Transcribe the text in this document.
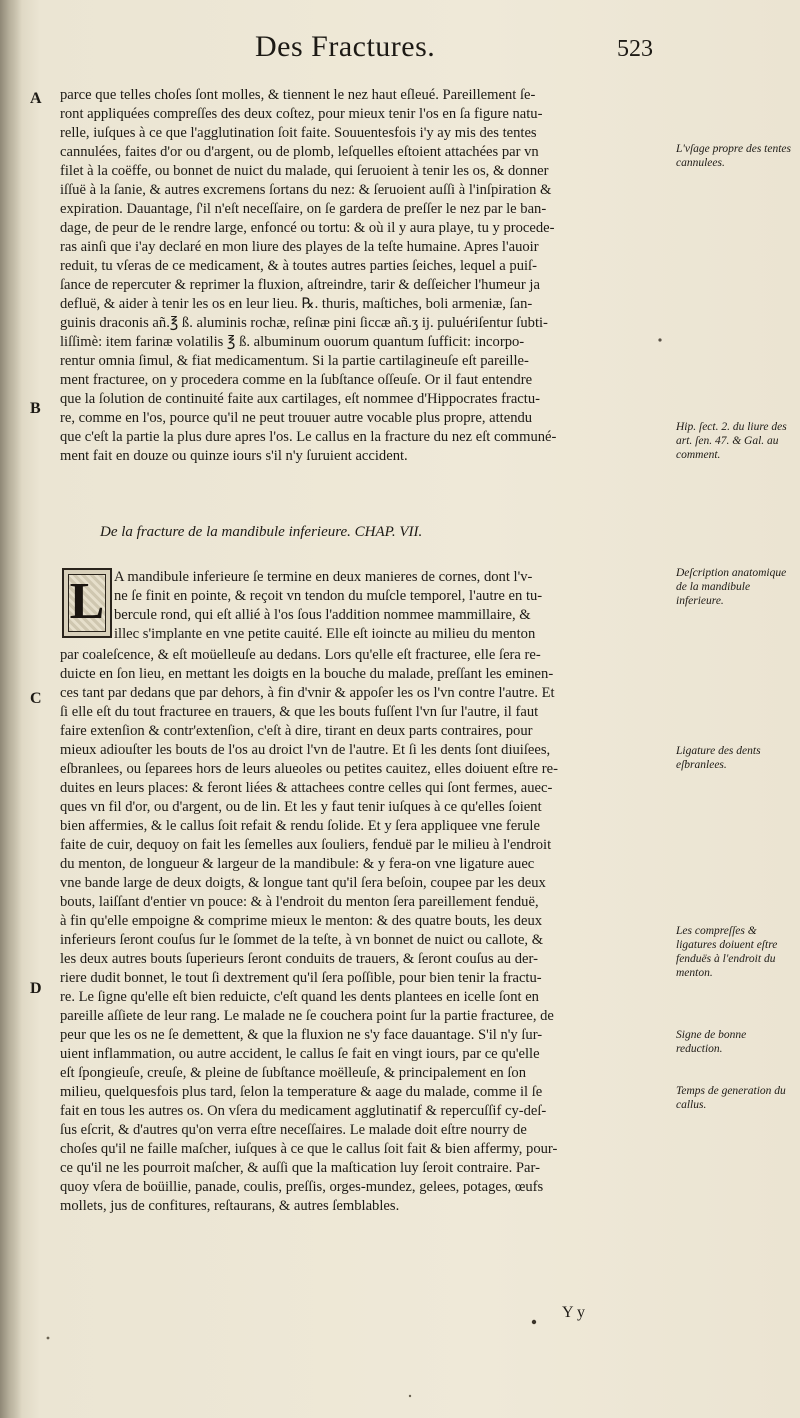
Des Fractures.	523
A
B
C
D
parce que telles choſes ſont molles, & tiennent le nez haut eſleué. Pareillement ſe-
ront appliquées compreſſes des deux coſtez, pour mieux tenir l'os en ſa figure natu-
relle, iuſques à ce que l'agglutination ſoit faite. Souuentesfois i'y ay mis des tentes
cannulées, faites d'or ou d'argent, ou de plomb, leſquelles eſtoient attachées par vn
filet à la coëffe, ou bonnet de nuict du malade, qui ſeruoient à tenir les os, & donner
iſſuë à la ſanie, & autres excremens ſortans du nez: & ſeruoient auſſi à l'inſpiration &
expiration. Dauantage, ſ'il n'eſt neceſſaire, on ſe gardera de preſſer le nez par le ban-
dage, de peur de le rendre large, enfoncé ou tortu: & où il y aura playe, tu y procede-
ras ainſi que i'ay declaré en mon liure des playes de la teſte humaine. Apres l'auoir
reduit, tu vſeras de ce medicament, & à toutes autres parties ſeiches, lequel a puiſ-
ſance de repercuter & reprimer la fluxion, aſtreindre, tarir & deſſeicher l'humeur ja
defluë, & aider à tenir les os en leur lieu. ℞. thuris, maſtiches, boli armeniæ, ſan-
guinis draconis añ.℥ ß. aluminis rochæ, reſinæ pini ſiccæ añ.ʒ ij. puluériſentur ſubti-
liſſimè: item farinæ volatilis ℥ ß. albuminum ouorum quantum ſufficit: incorpo-
rentur omnia ſimul, & fiat medicamentum. Si la partie cartilagineuſe eſt pareille-
ment fracturee, on y procedera comme en la ſubſtance oſſeuſe. Or il faut entendre
que la ſolution de continuité faite aux cartilages, eſt nommee d'Hippocrates fractu-
re, comme en l'os, pource qu'il ne peut trouuer autre vocable plus propre, attendu
que c'eſt la partie la plus dure apres l'os. Le callus en la fracture du nez eſt communé-
ment fait en douze ou quinze iours s'il n'y ſuruient accident.
De la fracture de la mandibule inferieure. CHAP. VII.
L A mandibule inferieure ſe termine en deux manieres de cornes, dont l'v-
ne ſe finit en pointe, & reçoit vn tendon du muſcle temporel, l'autre en tu-
bercule rond, qui eſt allié à l'os ſous l'addition nommee mammillaire, &
illec s'implante en vne petite cauité. Elle eſt ioincte au milieu du menton
par coaleſcence, & eſt moüelleuſe au dedans. Lors qu'elle eſt fracturee, elle ſera re-
duicte en ſon lieu, en mettant les doigts en la bouche du malade, preſſant les eminen-
ces tant par dedans que par dehors, à fin d'vnir & appoſer les os l'vn contre l'autre. Et
ſi elle eſt du tout fracturee en trauers, & que les bouts fuſſent l'vn ſur l'autre, il faut
faire extenſion & contr'extenſion, c'eſt à dire, tirant en deux parts contraires, pour
mieux adiouſter les bouts de l'os au droict l'vn de l'autre. Et ſi les dents ſont diuiſees,
eſbranlees, ou ſeparees hors de leurs alueoles ou petites cauitez, elles doiuent eſtre re-
duites en leurs places: & feront liées & attachees contre celles qui ſont fermes, auec-
ques vn fil d'or, ou d'argent, ou de lin. Et les y faut tenir iuſques à ce qu'elles ſoient
bien affermies, & le callus ſoit refait & rendu ſolide. Et y ſera appliquee vne ferule
faite de cuir, dequoy on fait les ſemelles aux ſouliers, fenduë par le milieu à l'endroit
du menton, de longueur & largeur de la mandibule: & y fera-on vne ligature auec
vne bande large de deux doigts, & longue tant qu'il ſera beſoin, coupee par les deux
bouts, laiſſant d'entier vn pouce: & à l'endroit du menton ſera pareillement fenduë,
à fin qu'elle empoigne & comprime mieux le menton: & des quatre bouts, les deux
inferieurs ſeront couſus ſur le ſommet de la teſte, à vn bonnet de nuict ou callote, &
les deux autres bouts ſuperieurs ſeront conduits de trauers, & ſeront couſus au der-
riere dudit bonnet, le tout ſi dextrement qu'il ſera poſſible, pour bien tenir la fractu-
re. Le ſigne qu'elle eſt bien reduicte, c'eſt quand les dents plantees en icelle ſont en
pareille aſſiete de leur rang. Le malade ne ſe couchera point ſur la partie fracturee, de
peur que les os ne ſe demettent, & que la fluxion ne s'y face dauantage. S'il n'y ſur-
uient inflammation, ou autre accident, le callus ſe fait en vingt iours, par ce qu'elle
eſt ſpongieuſe, creuſe, & pleine de ſubſtance moëlleuſe, & principalement en ſon
milieu, quelquesfois plus tard, ſelon la temperature & aage du malade, comme il ſe
fait en tous les autres os. On vſera du medicament agglutinatif & repercuſſif cy-deſ-
ſus eſcrit, & d'autres qu'on verra eſtre neceſſaires. Le malade doit eſtre nourry de
choſes qu'il ne faille maſcher, iuſques à ce que le callus ſoit fait & bien affermy, pour-
ce qu'il ne les pourroit maſcher, & auſſi que la maſtication luy ſeroit contraire. Par-
quoy vſera de boüillie, panade, coulis, preſſis, orges-mundez, gelees, potages, œufs
mollets, jus de confitures, reſtaurans, & autres ſemblables.
L'vſage propre des tentes cannulees.
Hip. ſect. 2. du liure des art. ſen. 47. & Gal. au comment.
Deſcription anatomique de la mandibule inferieure.
Ligature des dents eſbranlees.
Les compreſſes & ligatures doiuent eſtre fenduës à l'endroit du menton.
Signe de bonne reduction.
Temps de generation du callus.
Y y
